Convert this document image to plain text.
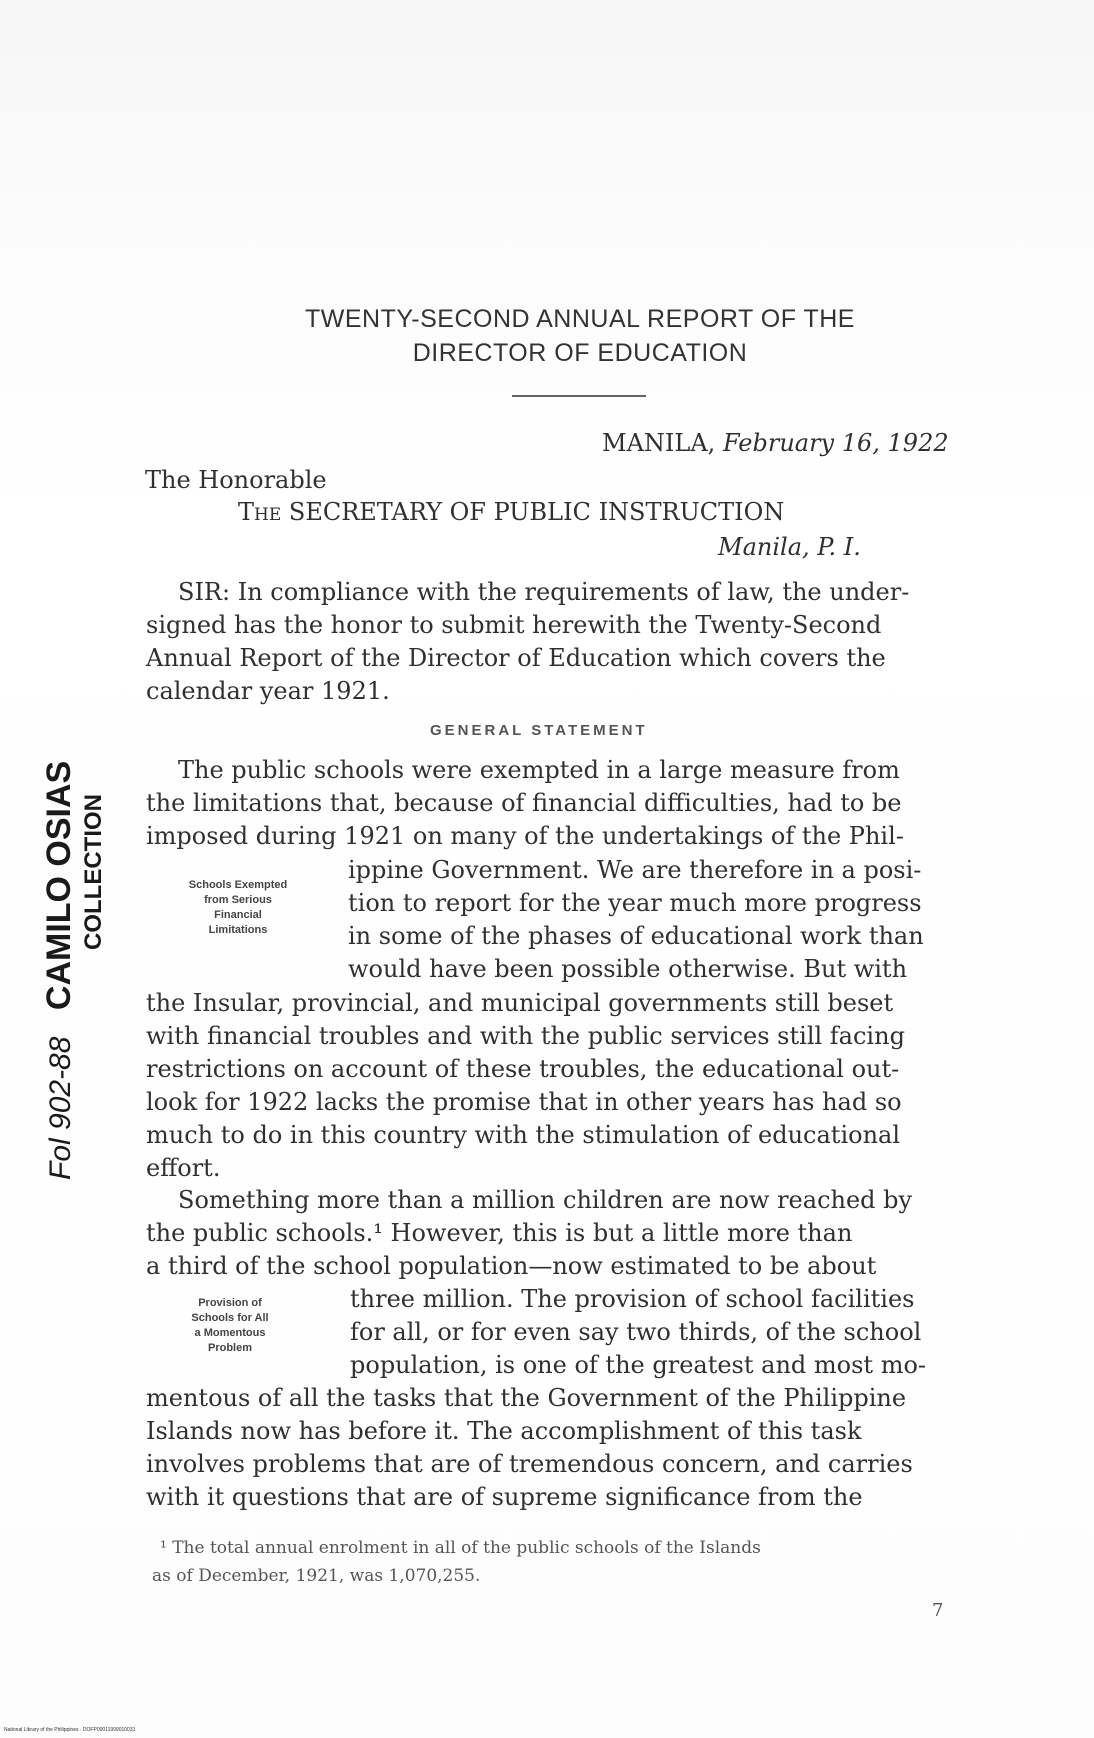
TWENTY-SECOND ANNUAL REPORT OF THE
DIRECTOR OF EDUCATION
MANILA, February 16, 1922
The Honorable
The SECRETARY OF PUBLIC INSTRUCTION
Manila, P. I.
SIR: In compliance with the requirements of law, the under-
signed has the honor to submit herewith the Twenty-Second
Annual Report of the Director of Education which covers the
calendar year 1921.
GENERAL STATEMENT
The public schools were exempted in a large measure from
the limitations that, because of financial difficulties, had to be
imposed during 1921 on many of the undertakings of the Phil-
ippine Government. We are therefore in a posi-
tion to report for the year much more progress
in some of the phases of educational work than
would have been possible otherwise. But with
the Insular, provincial, and municipal governments still beset
with financial troubles and with the public services still facing
restrictions on account of these troubles, the educational out-
look for 1922 lacks the promise that in other years has had so
much to do in this country with the stimulation of educational
effort.
Schools Exempted
from Serious
Financial
Limitations
Something more than a million children are now reached by
the public schools.¹ However, this is but a little more than
a third of the school population—now estimated to be about
three million. The provision of school facilities
for all, or for even say two thirds, of the school
population, is one of the greatest and most mo-
mentous of all the tasks that the Government of the Philippine
Islands now has before it. The accomplishment of this task
involves problems that are of tremendous concern, and carries
with it questions that are of supreme significance from the
Provision of
Schools for All
a Momentous
Problem
¹ The total annual enrolment in all of the public schools of the Islands
as of December, 1921, was 1,070,255.
7
Fol 902-88 CAMILO OSIAS COLLECTION
National Library of the Philippines · DOFP00011999010031
